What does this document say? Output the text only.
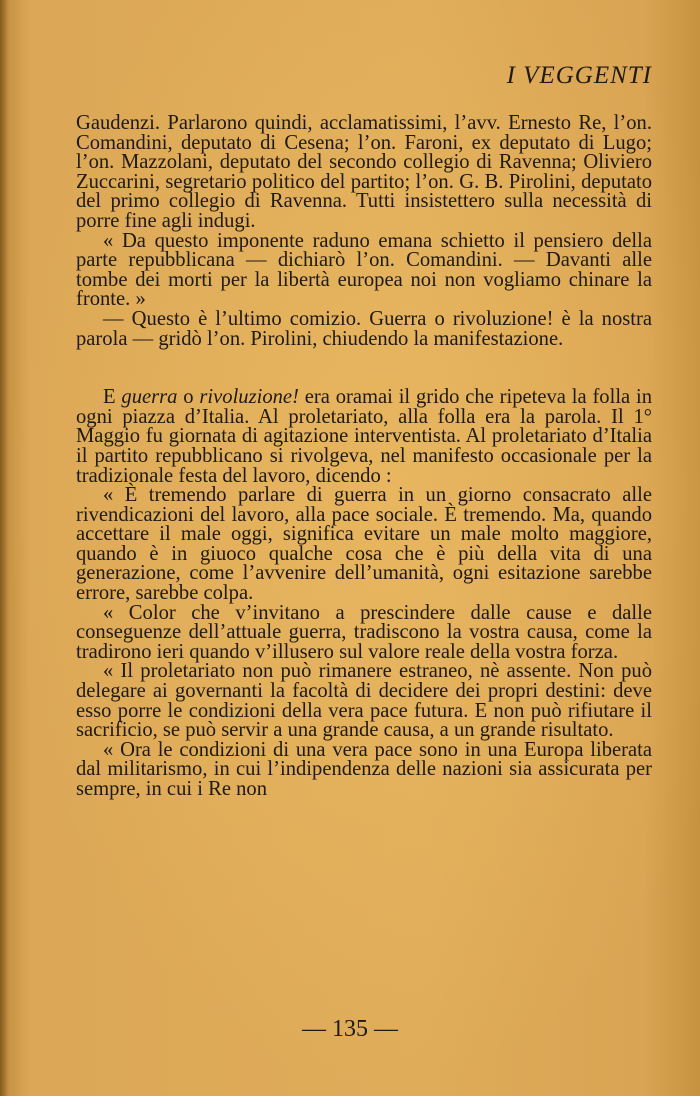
I VEGGENTI

Gaudenzi. Parlarono quindi, acclamatissimi, l’avv. Ernesto Re, l’on. Comandini, deputato di Cesena; l’on. Faroni, ex deputato di Lugo; l’on. Mazzolani, deputato del secondo collegio di Ravenna; Oliviero Zuccarini, segretario politico del partito; l’on. G. B. Pirolini, deputato del primo collegio di Ravenna. Tutti insistettero sulla necessità di porre fine agli indugi.

« Da questo imponente raduno emana schietto il pensiero della parte repubblicana — dichiarò l’on. Comandini. — Davanti alle tombe dei morti per la libertà europea noi non vogliamo chinare la fronte. »

— Questo è l’ultimo comizio. Guerra o rivoluzione! è la nostra parola — gridò l’on. Pirolini, chiudendo la manifestazione.

E guerra o rivoluzione! era oramai il grido che ripeteva la folla in ogni piazza d’Italia. Al proletariato, alla folla era la parola. Il 1° Maggio fu giornata di agitazione interventista. Al proletariato d’Italia il partito repubblicano si rivolgeva, nel manifesto occasionale per la tradizionale festa del lavoro, dicendo :

« È tremendo parlare di guerra in un giorno consacrato alle rivendicazioni del lavoro, alla pace sociale. È tremendo. Ma, quando accettare il male oggi, significa evitare un male molto maggiore, quando è in giuoco qualche cosa che è più della vita di una generazione, come l’avvenire dell’umanità, ogni esitazione sarebbe errore, sarebbe colpa.

« Color che v’invitano a prescindere dalle cause e dalle conseguenze dell’attuale guerra, tradiscono la vostra causa, come la tradirono ieri quando v’illusero sul valore reale della vostra forza.

« Il proletariato non può rimanere estraneo, nè assente. Non può delegare ai governanti la facoltà di decidere dei propri destini: deve esso porre le condizioni della vera pace futura. E non può rifiutare il sacrificio, se può servir a una grande causa, a un grande risultato.

« Ora le condizioni di una vera pace sono in una Europa liberata dal militarismo, in cui l’indipendenza delle nazioni sia assicurata per sempre, in cui i Re non

— 135 —
